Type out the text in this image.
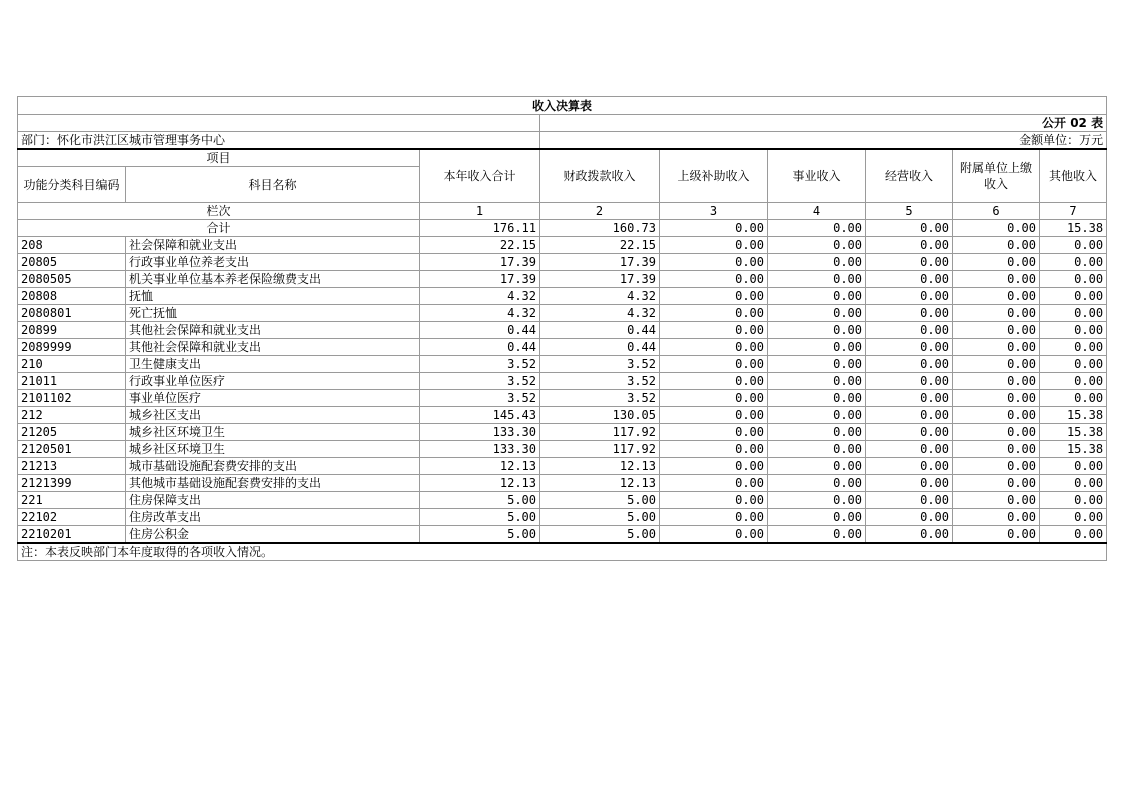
收入决算表								
			公开 02 表					
部门：怀化市洪江区城市管理事务中心			金额单位：万元					
项目		本年收入合计	财政拨款收入	上级补助收入	事业收入	经营收入	附属单位上缴收入	其他收入
功能分类科目编码	科目名称							
栏次		1	2	3	4	5	6	7
合计		176.11	160.73	0.00	0.00	0.00	0.00	15.38
208	社会保障和就业支出	22.15	22.15	0.00	0.00	0.00	0.00	0.00
20805	行政事业单位养老支出	17.39	17.39	0.00	0.00	0.00	0.00	0.00
2080505	机关事业单位基本养老保险缴费支出	17.39	17.39	0.00	0.00	0.00	0.00	0.00
20808	抚恤	4.32	4.32	0.00	0.00	0.00	0.00	0.00
2080801	死亡抚恤	4.32	4.32	0.00	0.00	0.00	0.00	0.00
20899	其他社会保障和就业支出	0.44	0.44	0.00	0.00	0.00	0.00	0.00
2089999	其他社会保障和就业支出	0.44	0.44	0.00	0.00	0.00	0.00	0.00
210	卫生健康支出	3.52	3.52	0.00	0.00	0.00	0.00	0.00
21011	行政事业单位医疗	3.52	3.52	0.00	0.00	0.00	0.00	0.00
2101102	事业单位医疗	3.52	3.52	0.00	0.00	0.00	0.00	0.00
212	城乡社区支出	145.43	130.05	0.00	0.00	0.00	0.00	15.38
21205	城乡社区环境卫生	133.30	117.92	0.00	0.00	0.00	0.00	15.38
2120501	城乡社区环境卫生	133.30	117.92	0.00	0.00	0.00	0.00	15.38
21213	城市基础设施配套费安排的支出	12.13	12.13	0.00	0.00	0.00	0.00	0.00
2121399	其他城市基础设施配套费安排的支出	12.13	12.13	0.00	0.00	0.00	0.00	0.00
221	住房保障支出	5.00	5.00	0.00	0.00	0.00	0.00	0.00
22102	住房改革支出	5.00	5.00	0.00	0.00	0.00	0.00	0.00
2210201	住房公积金	5.00	5.00	0.00	0.00	0.00	0.00	0.00
注：本表反映部门本年度取得的各项收入情况。								
